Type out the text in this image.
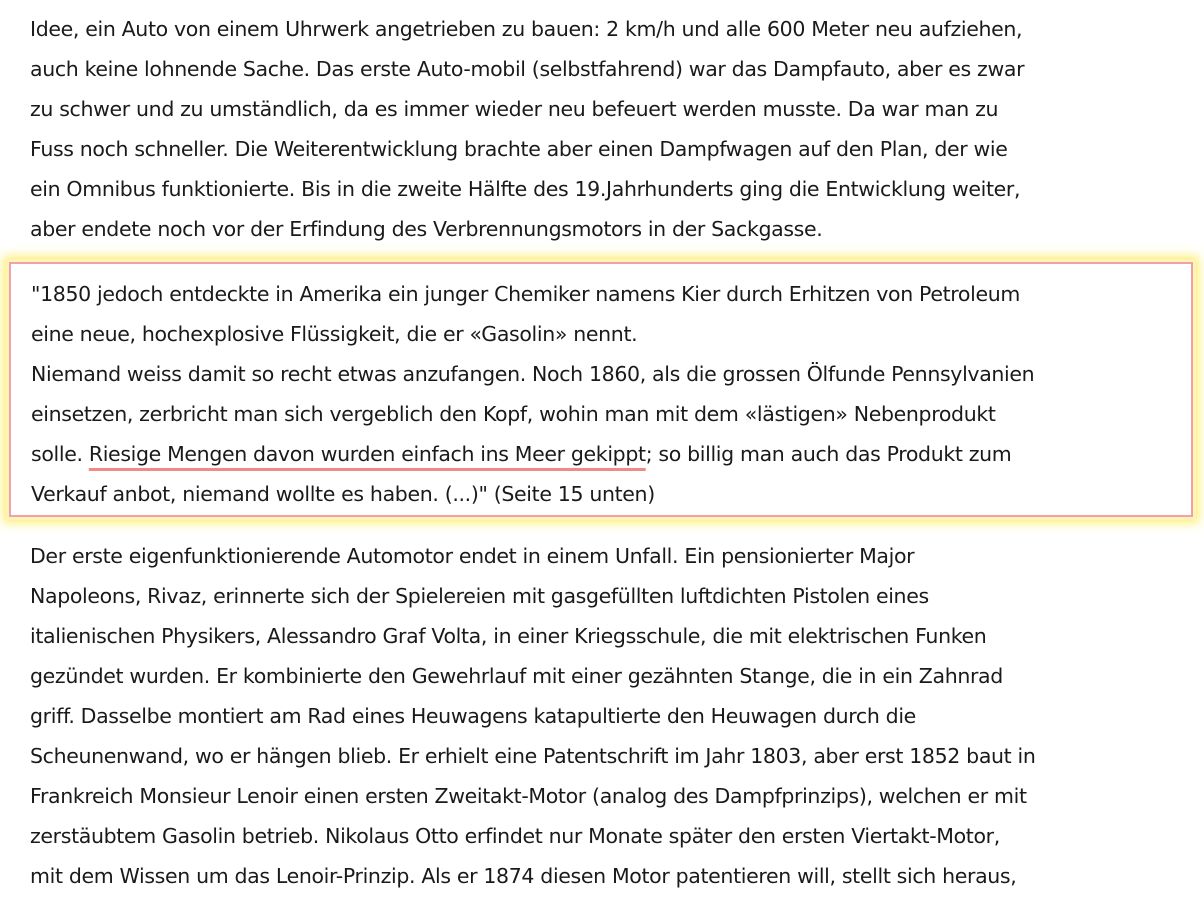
Idee, ein Auto von einem Uhrwerk angetrieben zu bauen: 2 km/h und alle 600 Meter neu aufziehen,
auch keine lohnende Sache. Das erste Auto-mobil (selbstfahrend) war das Dampfauto, aber es zwar
zu schwer und zu umständlich, da es immer wieder neu befeuert werden musste. Da war man zu
Fuss noch schneller. Die Weiterentwicklung brachte aber einen Dampfwagen auf den Plan, der wie
ein Omnibus funktionierte. Bis in die zweite Hälfte des 19.Jahrhunderts ging die Entwicklung weiter,
aber endete noch vor der Erfindung des Verbrennungsmotors in der Sackgasse.
"1850 jedoch entdeckte in Amerika ein junger Chemiker namens Kier durch Erhitzen von Petroleum
eine neue, hochexplosive Flüssigkeit, die er «Gasolin» nennt.
Niemand weiss damit so recht etwas anzufangen. Noch 1860, als die grossen Ölfunde Pennsylvanien
einsetzen, zerbricht man sich vergeblich den Kopf, wohin man mit dem «lästigen» Nebenprodukt
solle. Riesige Mengen davon wurden einfach ins Meer gekippt; so billig man auch das Produkt zum
Verkauf anbot, niemand wollte es haben. (...)" (Seite 15 unten)
Der erste eigenfunktionierende Automotor endet in einem Unfall. Ein pensionierter Major
Napoleons, Rivaz, erinnerte sich der Spielereien mit gasgefüllten luftdichten Pistolen eines
italienischen Physikers, Alessandro Graf Volta, in einer Kriegsschule, die mit elektrischen Funken
gezündet wurden. Er kombinierte den Gewehrlauf mit einer gezähnten Stange, die in ein Zahnrad
griff. Dasselbe montiert am Rad eines Heuwagens katapultierte den Heuwagen durch die
Scheunenwand, wo er hängen blieb. Er erhielt eine Patentschrift im Jahr 1803, aber erst 1852 baut in
Frankreich Monsieur Lenoir einen ersten Zweitakt-Motor (analog des Dampfprinzips), welchen er mit
zerstäubtem Gasolin betrieb. Nikolaus Otto erfindet nur Monate später den ersten Viertakt-Motor,
mit dem Wissen um das Lenoir-Prinzip. Als er 1874 diesen Motor patentieren will, stellt sich heraus,
